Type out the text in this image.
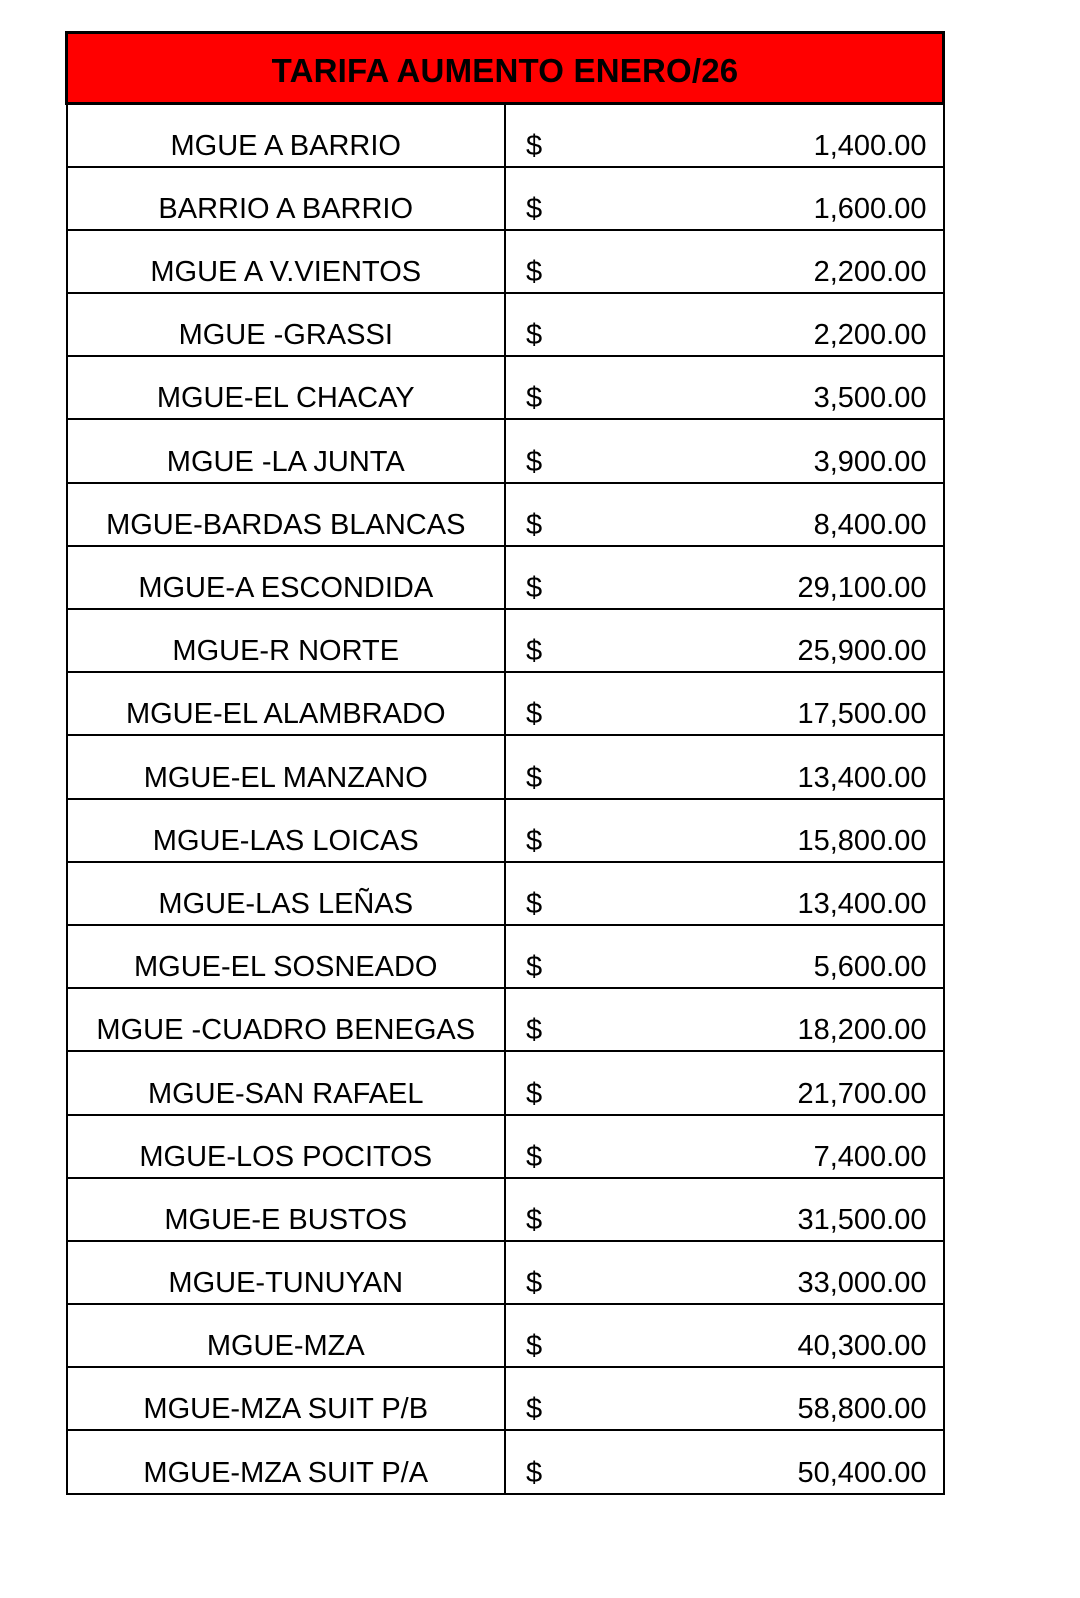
TARIFA AUMENTO ENERO/26	
MGUE A BARRIO	$ 1,400.00

BARRIO A BARRIO	$ 1,600.00

MGUE A V.VIENTOS	$ 2,200.00

MGUE -GRASSI	$ 2,200.00

MGUE-EL CHACAY	$ 3,500.00

MGUE -LA JUNTA	$ 3,900.00

MGUE-BARDAS BLANCAS	$ 8,400.00

MGUE-A ESCONDIDA	$ 29,100.00

MGUE-R NORTE	$ 25,900.00

MGUE-EL ALAMBRADO	$ 17,500.00

MGUE-EL MANZANO	$ 13,400.00

MGUE-LAS LOICAS	$ 15,800.00

MGUE-LAS LEÑAS	$ 13,400.00

MGUE-EL SOSNEADO	$ 5,600.00

MGUE -CUADRO BENEGAS	$ 18,200.00

MGUE-SAN RAFAEL	$ 21,700.00

MGUE-LOS POCITOS	$ 7,400.00

MGUE-E BUSTOS	$ 31,500.00

MGUE-TUNUYAN	$ 33,000.00

MGUE-MZA	$ 40,300.00

MGUE-MZA SUIT P/B	$ 58,800.00

MGUE-MZA SUIT P/A	$ 50,400.00
